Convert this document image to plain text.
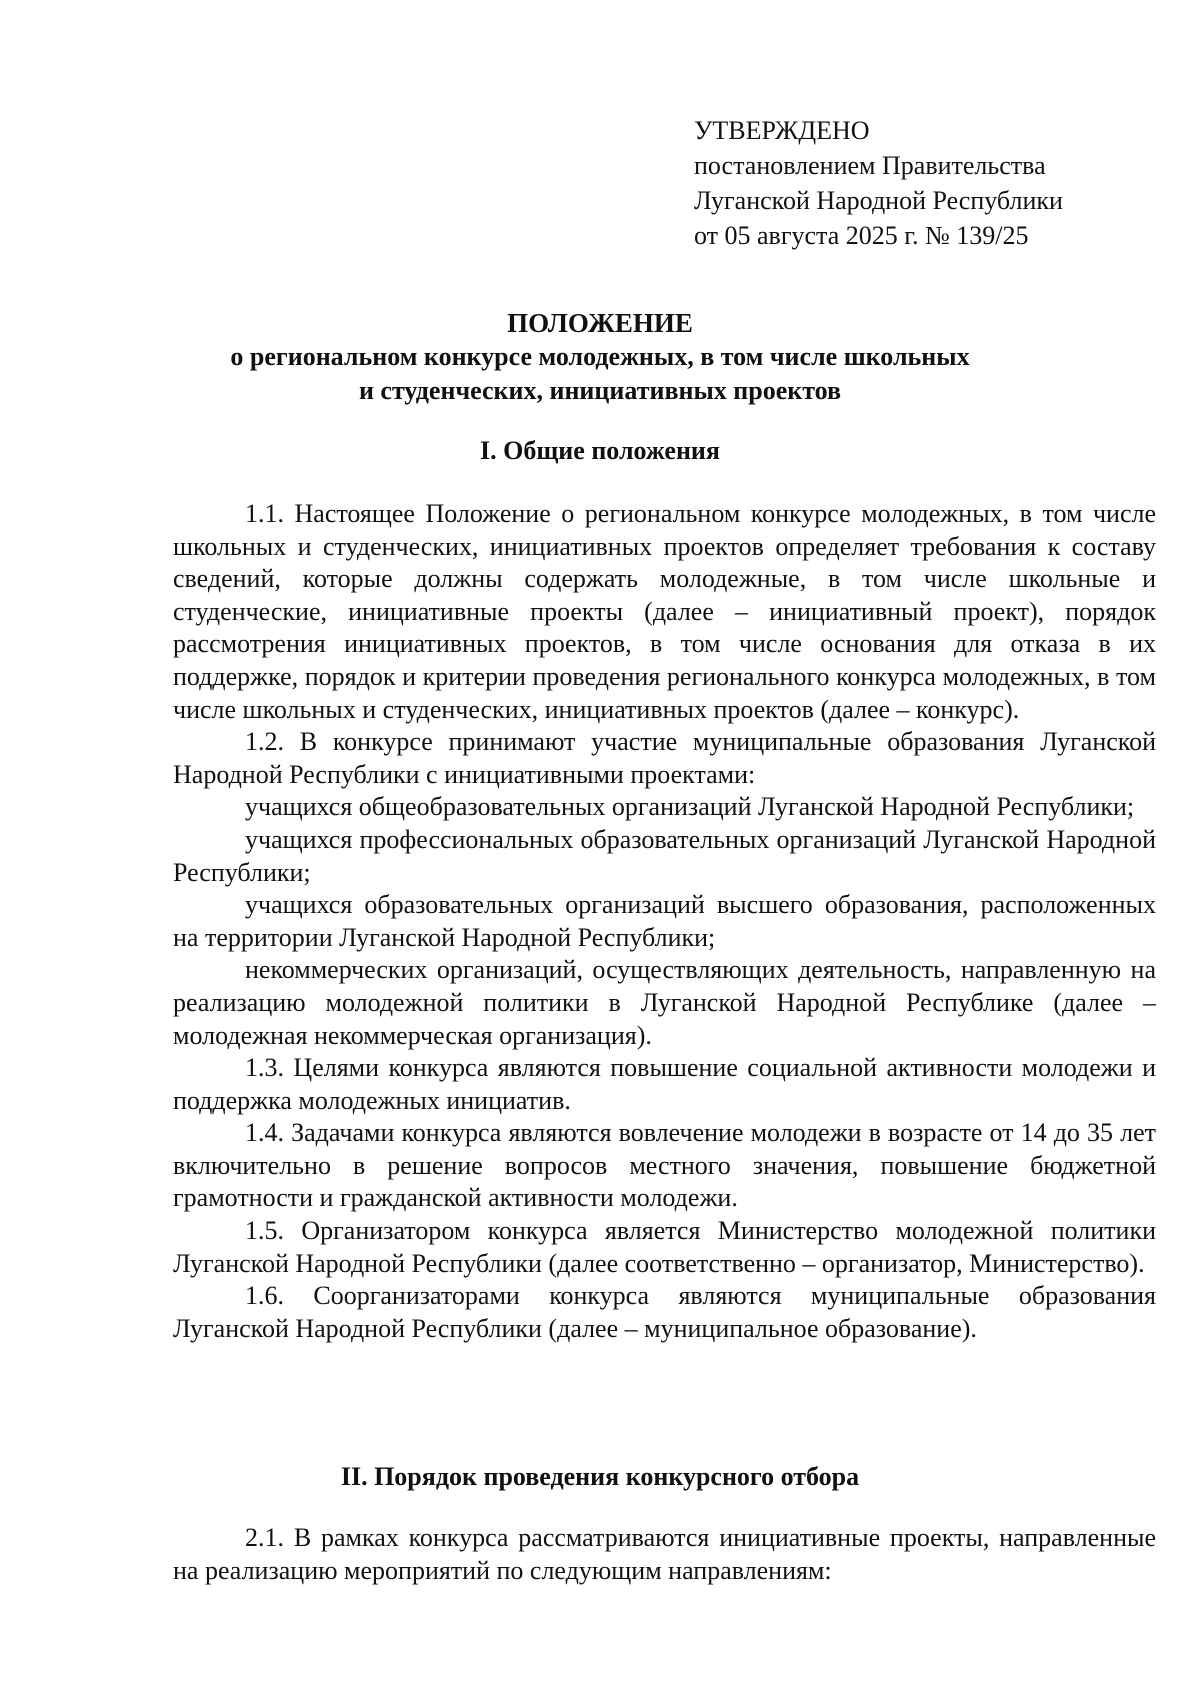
УТВЕРЖДЕНО
постановлением Правительства
Луганской Народной Республики
от 05 августа 2025 г. № 139/25
ПОЛОЖЕНИЕ
о региональном конкурсе молодежных, в том числе школьных
и студенческих, инициативных проектов
I. Общие положения

1.1. Настоящее Положение о региональном конкурсе молодежных, в том числе школьных и студенческих, инициативных проектов определяет требования к составу сведений, которые должны содержать молодежные, в том числе школьные и студенческие, инициативные проекты (далее – инициативный проект), порядок рассмотрения инициативных проектов, в том числе основания для отказа в их поддержке, порядок и критерии проведения регионального конкурса молодежных, в том числе школьных и студенческих, инициативных проектов (далее – конкурс).

1.2. В конкурсе принимают участие муниципальные образования Луганской Народной Республики с инициативными проектами:

учащихся общеобразовательных организаций Луганской Народной Республики;

учащихся профессиональных образовательных организаций Луганской Народной Республики;

учащихся образовательных организаций высшего образования, расположенных на территории Луганской Народной Республики;

некоммерческих организаций, осуществляющих деятельность, направленную на реализацию молодежной политики в Луганской Народной Республике (далее – молодежная некоммерческая организация).

1.3. Целями конкурса являются повышение социальной активности молодежи и поддержка молодежных инициатив.

1.4. Задачами конкурса являются вовлечение молодежи в возрасте от 14 до 35 лет включительно в решение вопросов местного значения, повышение бюджетной грамотности и гражданской активности молодежи.

1.5. Организатором конкурса является Министерство молодежной политики Луганской Народной Республики (далее соответственно – организатор, Министерство).

1.6. Соорганизаторами конкурса являются муниципальные образования Луганской Народной Республики (далее – муниципальное образование).

II. Порядок проведения конкурсного отбора

2.1. В рамках конкурса рассматриваются инициативные проекты, направленные на реализацию мероприятий по следующим направлениям:
